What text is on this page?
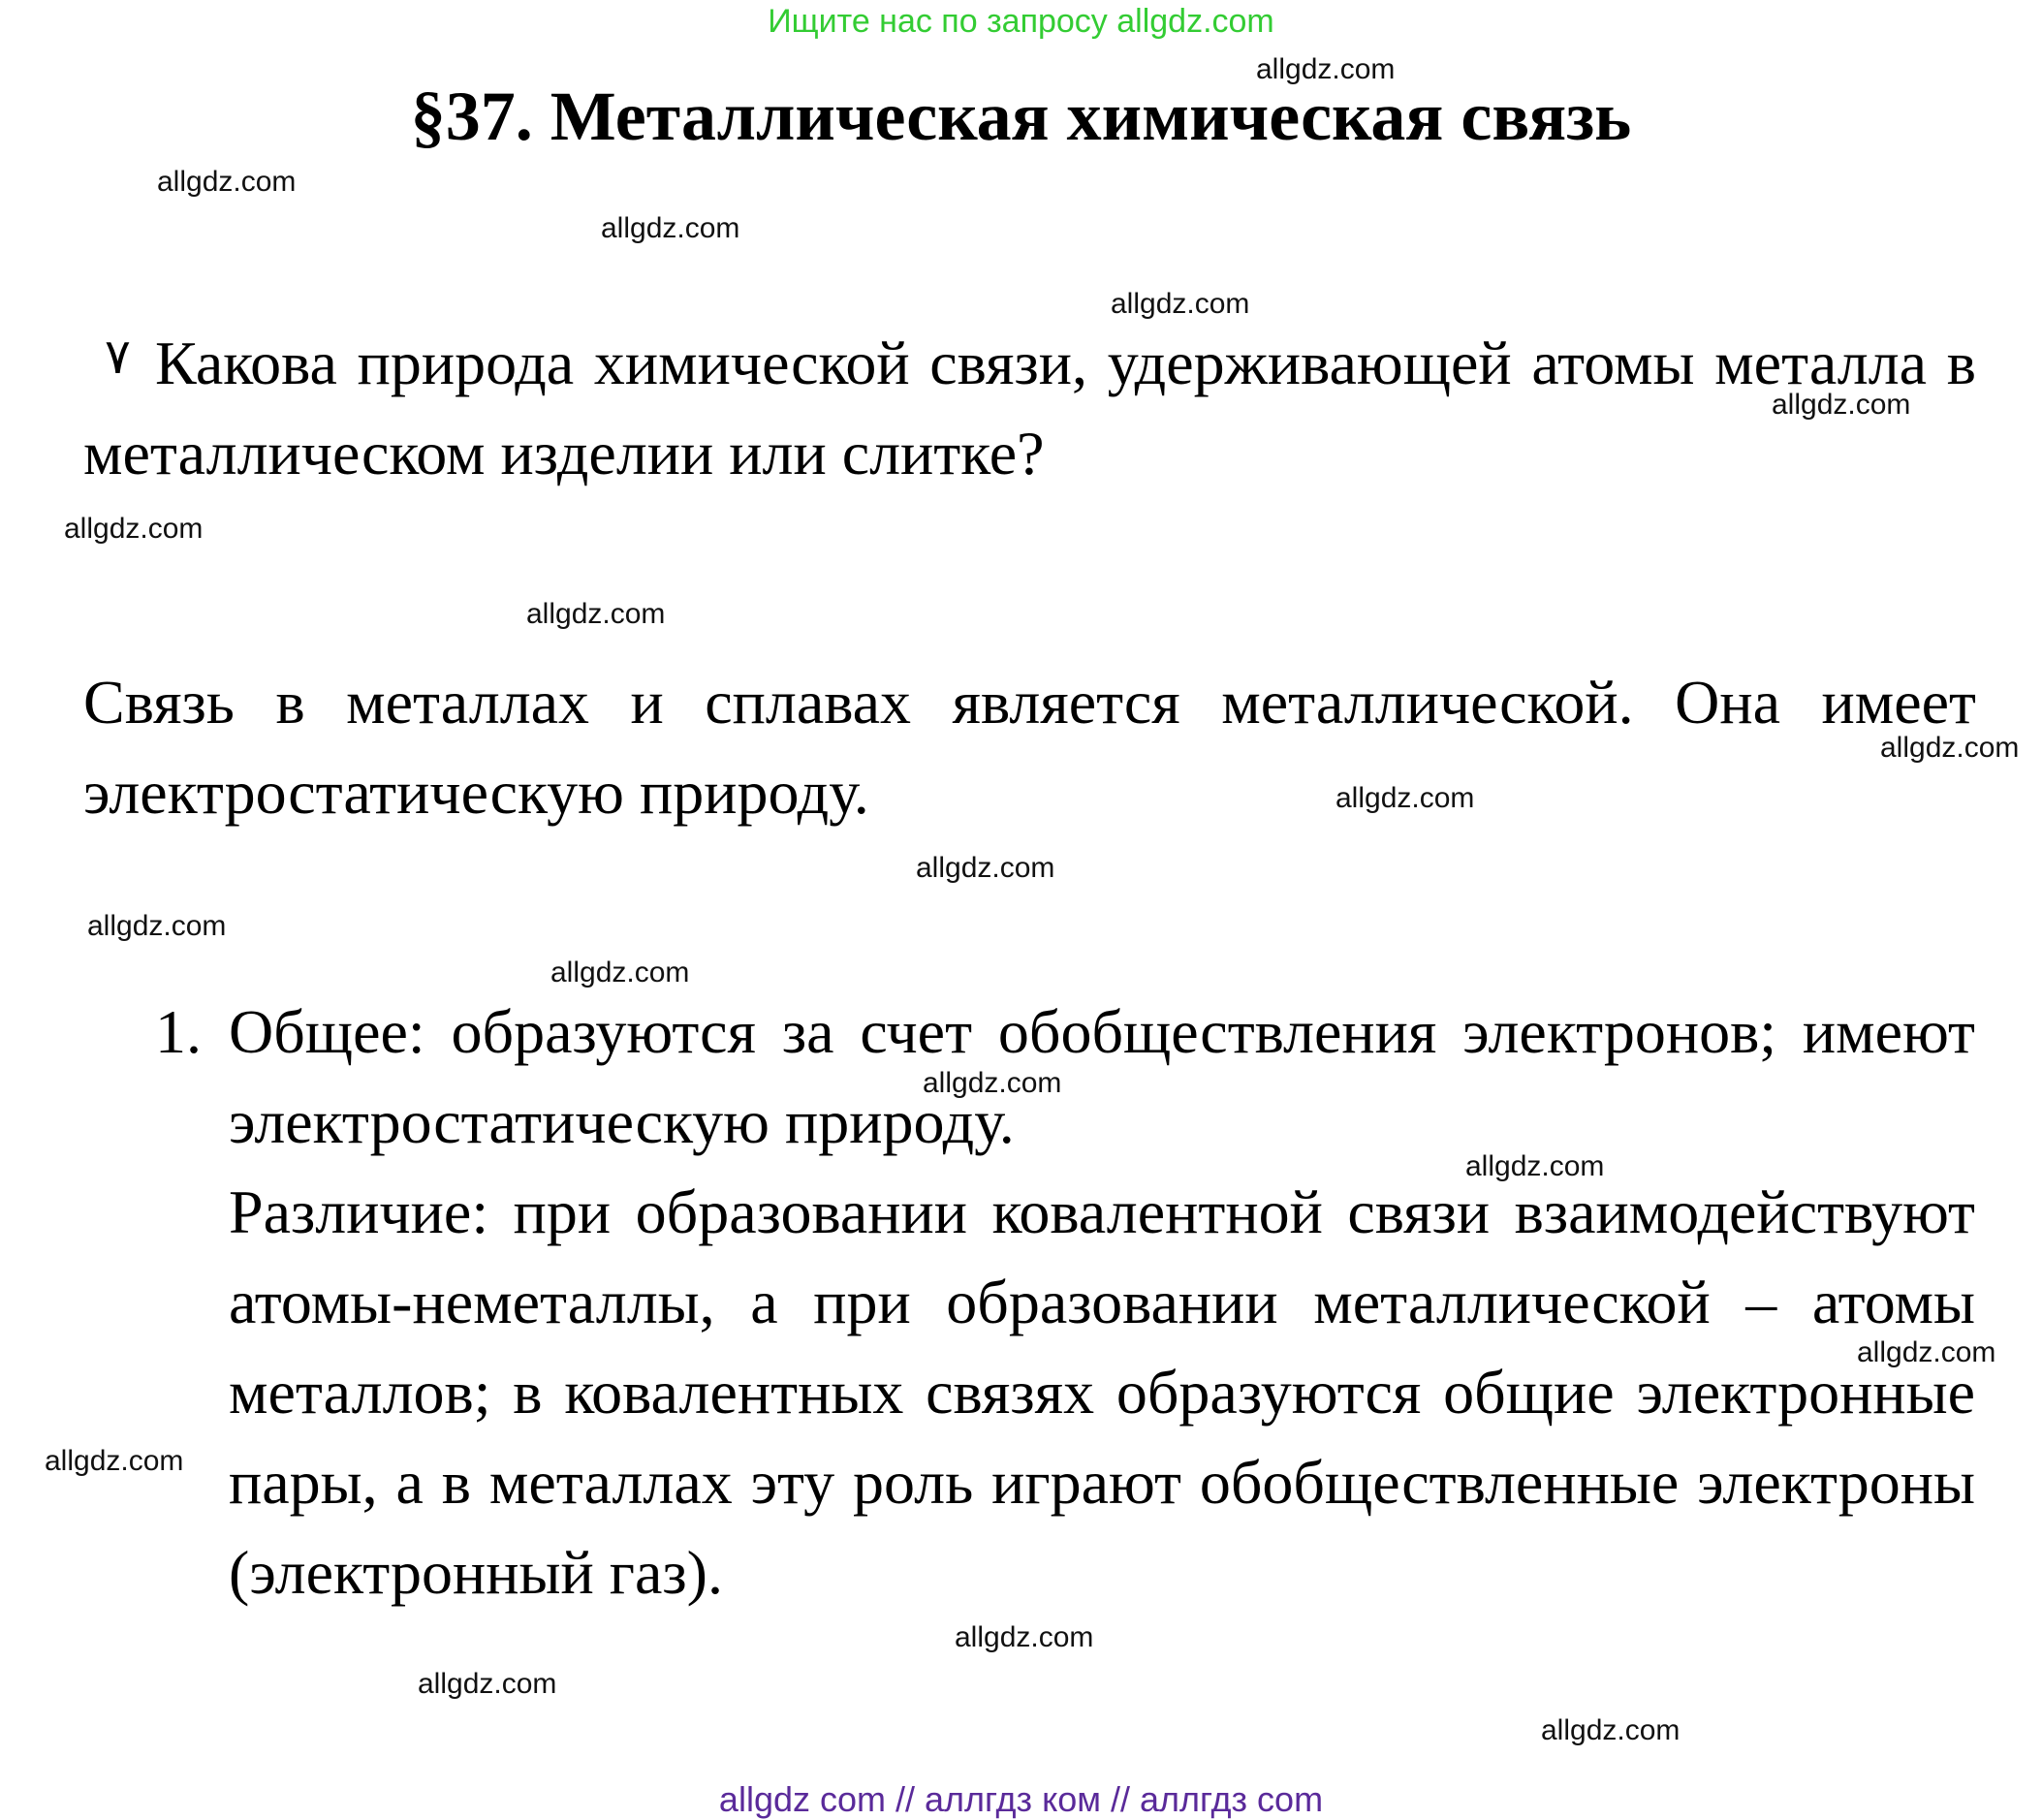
Ищите нас по запросу allgdz.com
§37. Металлическая химическая связь
٧ Какова природа химической связи, удерживающей атомы металла в металлическом изделии или слитке?
Связь в металлах и сплавах является металлической. Она имеет электростатическую природу.
1. Общее: образуются за счет обобществления электронов; имеют электростатическую природу.

Различие: при образовании ковалентной связи взаимодействуют атомы-неметаллы, а при образовании металлической – атомы металлов; в ковалентных связях образуются общие электронные пары, а в металлах эту роль играют обобществленные электроны (электронный газ).

allgdz.com
allgdz.com
allgdz.com
allgdz.com
allgdz.com
allgdz.com
allgdz.com
allgdz.com
allgdz.com
allgdz.com
allgdz.com
allgdz.com
allgdz.com
allgdz.com
allgdz.com
allgdz.com
allgdz.com
allgdz.com
allgdz.com
allgdz com // аллгдз ком // аллгдз com
